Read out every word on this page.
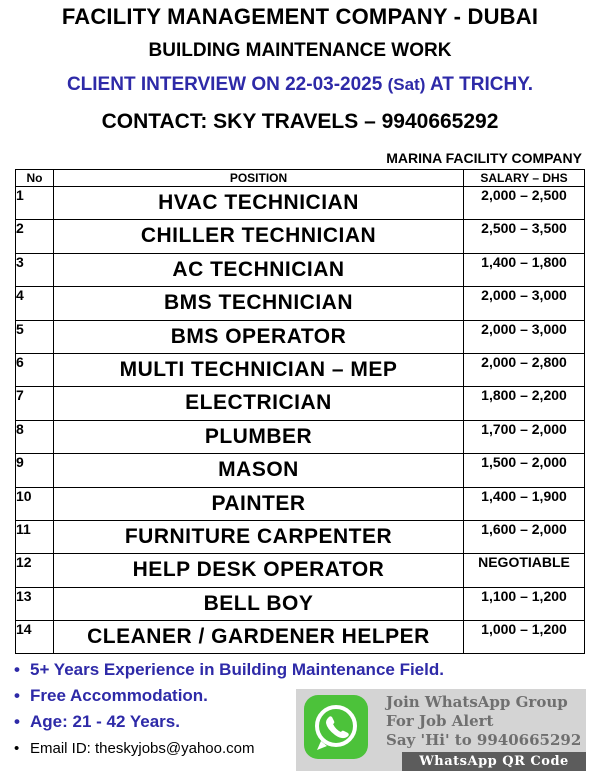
FACILITY MANAGEMENT COMPANY - DUBAI
BUILDING MAINTENANCE WORK
CLIENT INTERVIEW ON 22-03-2025 (Sat) AT TRICHY.
CONTACT: SKY TRAVELS – 9940665292
MARINA FACILITY COMPANY
No	POSITION	SALARY – DHS
1	HVAC TECHNICIAN	2,000 – 2,500
2	CHILLER TECHNICIAN	2,500 – 3,500
3	AC TECHNICIAN	1,400 – 1,800
4	BMS TECHNICIAN	2,000 – 3,000
5	BMS OPERATOR	2,000 – 3,000
6	MULTI TECHNICIAN – MEP	2,000 – 2,800
7	ELECTRICIAN	1,800 – 2,200
8	PLUMBER	1,700 – 2,000
9	MASON	1,500 – 2,000
10	PAINTER	1,400 – 1,900
11	FURNITURE CARPENTER	1,600 – 2,000
12	HELP DESK OPERATOR	NEGOTIABLE
13	BELL BOY	1,100 – 1,200
14	CLEANER / GARDENER HELPER	1,000 – 1,200
• 5+ Years Experience in Building Maintenance Field.
• Free Accommodation.
• Age: 21 - 42 Years.
• Email ID: theskyjobs@yahoo.com
Join WhatsApp Group
For Job Alert
Say 'Hi' to 9940665292
WhatsApp QR Code
